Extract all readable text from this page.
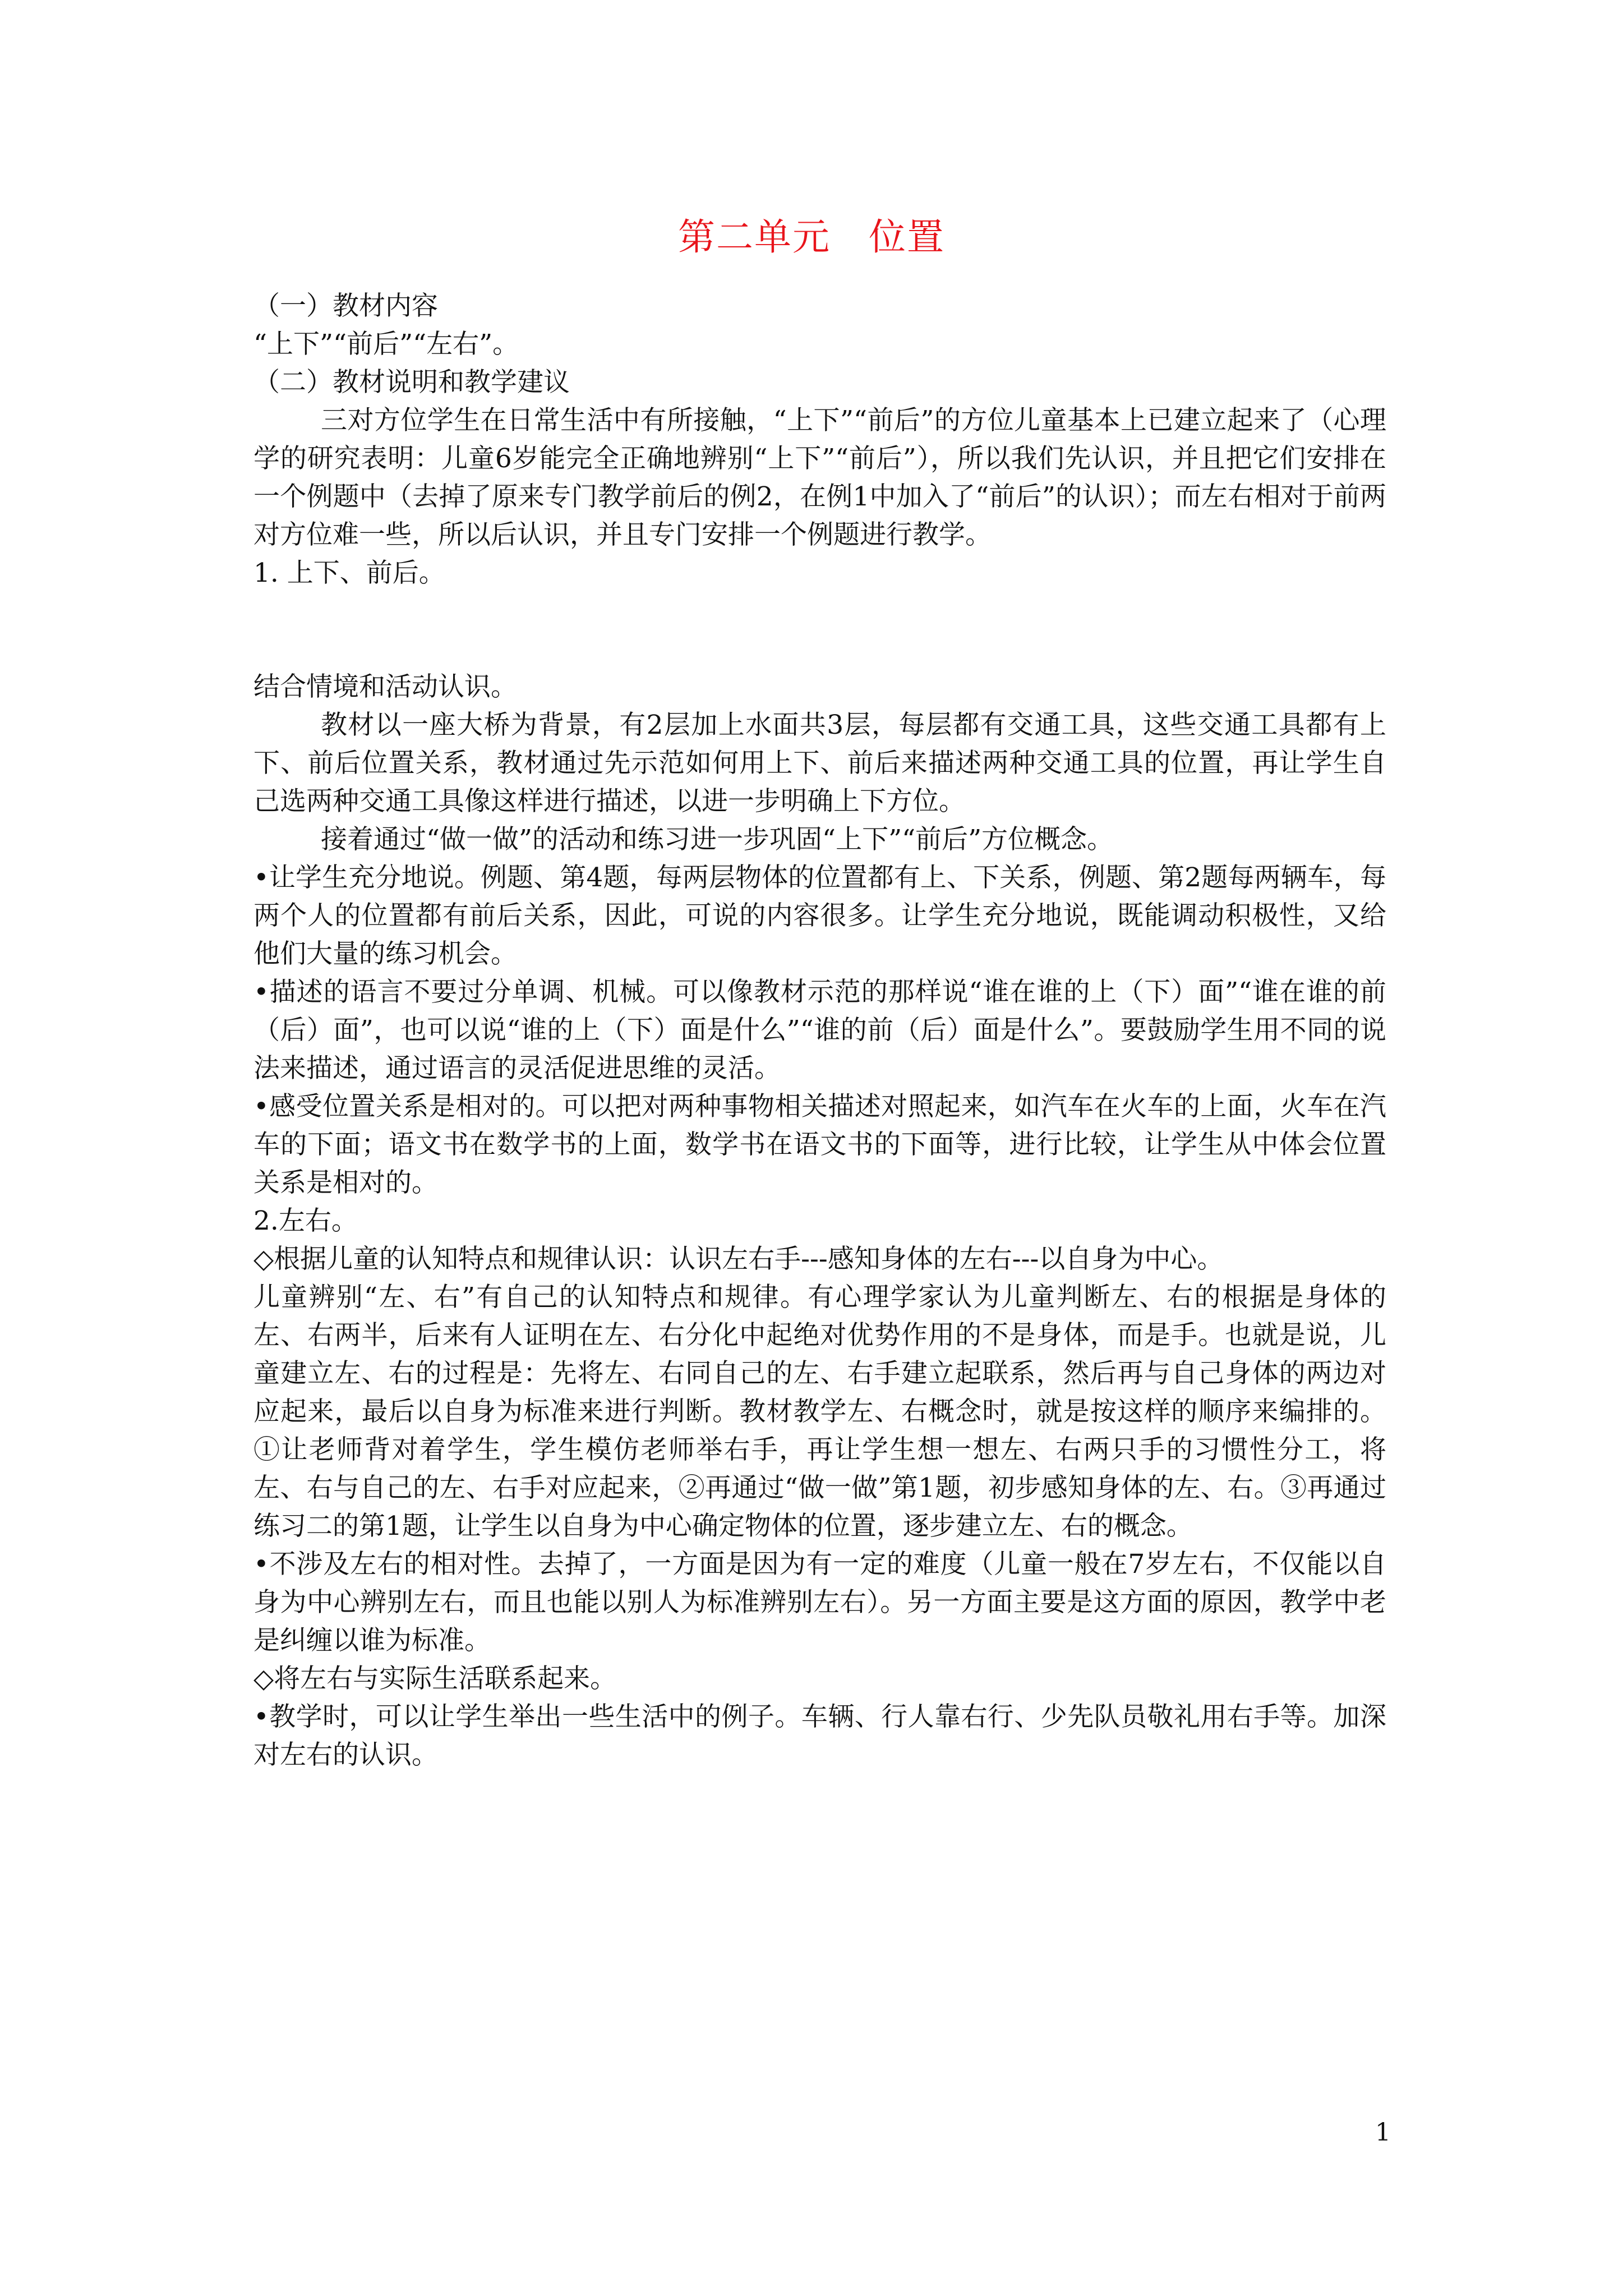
第二单元　位置

（一）教材内容

“上下”“前后”“左右”。

（二）教材说明和教学建议

三对方位学生在日常生活中有所接触，“上下”“前后”的方位儿童基本上已建立起来了（心理学的研究表明：儿童6岁能完全正确地辨别“上下”“前后”），所以我们先认识，并且把它们安排在一个例题中（去掉了原来专门教学前后的例2，在例1中加入了“前后”的认识）；而左右相对于前两对方位难一些，所以后认识，并且专门安排一个例题进行教学。

1. 上下、前后。

结合情境和活动认识。

教材以一座大桥为背景，有2层加上水面共3层，每层都有交通工具，这些交通工具都有上下、前后位置关系，教材通过先示范如何用上下、前后来描述两种交通工具的位置，再让学生自己选两种交通工具像这样进行描述，以进一步明确上下方位。

接着通过“做一做”的活动和练习进一步巩固“上下”“前后”方位概念。

•让学生充分地说。例题、第4题，每两层物体的位置都有上、下关系，例题、第2题每两辆车，每两个人的位置都有前后关系，因此，可说的内容很多。让学生充分地说，既能调动积极性，又给他们大量的练习机会。

•描述的语言不要过分单调、机械。可以像教材示范的那样说“谁在谁的上（下）面”“谁在谁的前（后）面”，也可以说“谁的上（下）面是什么”“谁的前（后）面是什么”。要鼓励学生用不同的说法来描述，通过语言的灵活促进思维的灵活。

•感受位置关系是相对的。可以把对两种事物相关描述对照起来，如汽车在火车的上面，火车在汽车的下面；语文书在数学书的上面，数学书在语文书的下面等，进行比较，让学生从中体会位置关系是相对的。

2.左右。

◇根据儿童的认知特点和规律认识：认识左右手---感知身体的左右---以自身为中心。

儿童辨别“左、右”有自己的认知特点和规律。有心理学家认为儿童判断左、右的根据是身体的左、右两半，后来有人证明在左、右分化中起绝对优势作用的不是身体，而是手。也就是说，儿童建立左、右的过程是：先将左、右同自己的左、右手建立起联系，然后再与自己身体的两边对应起来，最后以自身为标准来进行判断。教材教学左、右概念时，就是按这样的顺序来编排的。①让老师背对着学生，学生模仿老师举右手，再让学生想一想左、右两只手的习惯性分工，将左、右与自己的左、右手对应起来，②再通过“做一做”第1题，初步感知身体的左、右。③再通过练习二的第1题，让学生以自身为中心确定物体的位置，逐步建立左、右的概念。

•不涉及左右的相对性。去掉了，一方面是因为有一定的难度（儿童一般在7岁左右，不仅能以自身为中心辨别左右，而且也能以别人为标准辨别左右）。另一方面主要是这方面的原因，教学中老是纠缠以谁为标准。

◇将左右与实际生活联系起来。

•教学时，可以让学生举出一些生活中的例子。车辆、行人靠右行、少先队员敬礼用右手等。加深对左右的认识。

1
